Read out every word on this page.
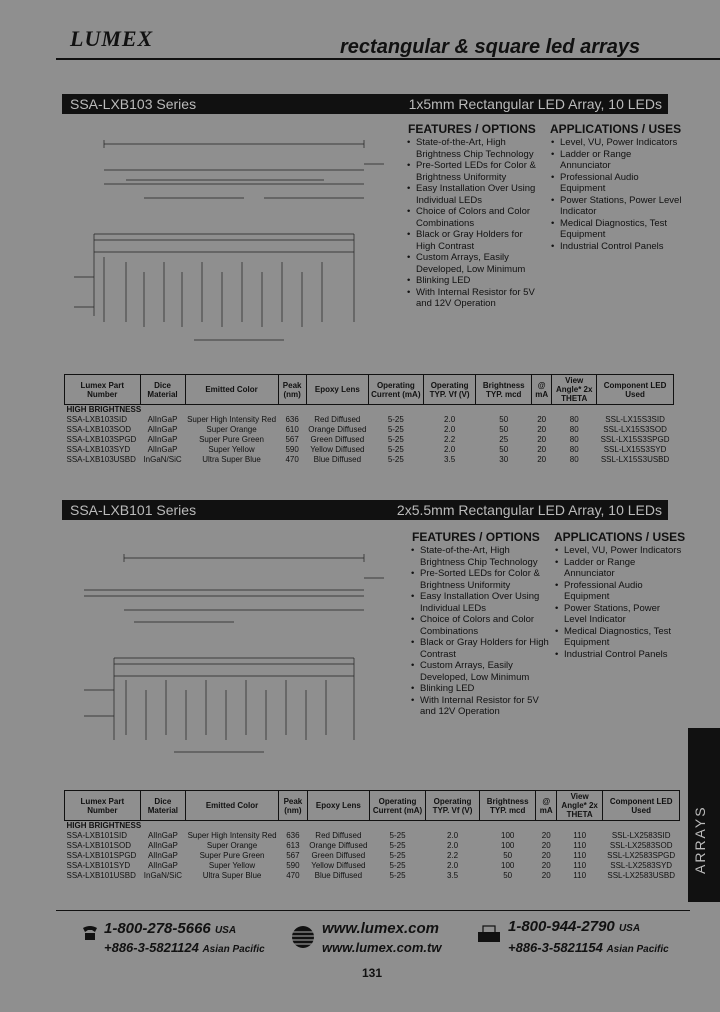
LUMEX	rectangular & square led arrays
SSA-LXB103 Series	1x5mm Rectangular LED Array, 10 LEDs
FEATURES / OPTIONS
• State-of-the-Art, High Brightness Chip Technology
• Pre-Sorted LEDs for Color & Brightness Uniformity
• Easy Installation Over Using Individual LEDs
• Choice of Colors and Color Combinations
• Black or Gray Holders for High Contrast
• Custom Arrays, Easily Developed, Low Minimum
• Blinking LED
• With Internal Resistor for 5V and 12V Operation
APPLICATIONS / USES
• Level, VU, Power Indicators
• Ladder or Range Annunciator
• Professional Audio Equipment
• Power Stations, Power Level Indicator
• Medical Diagnostics, Test Equipment
• Industrial Control Panels
Lumex Part Number	Dice Material	Emitted Color	Peak (nm)	Epoxy Lens	Operating Current (mA)	Operating TYP. Vf (V)	Brightness TYP. mcd	@ mA	View Angle* 2x THETA	Component LED Used
HIGH BRIGHTNESS										
SSA-LXB103SID	AlInGaP	Super High Intensity Red	636	Red Diffused	5-25	2.0	50	20	80	SSL-LX15S3SID
SSA-LXB103SOD	AlInGaP	Super Orange	610	Orange Diffused	5-25	2.0	50	20	80	SSL-LX15S3SOD
SSA-LXB103SPGD	AlInGaP	Super Pure Green	567	Green Diffused	5-25	2.2	25	20	80	SSL-LX15S3SPGD
SSA-LXB103SYD	AlInGaP	Super Yellow	590	Yellow Diffused	5-25	2.0	50	20	80	SSL-LX15S3SYD
SSA-LXB103USBD	InGaN/SiC	Ultra Super Blue	470	Blue Diffused	5-25	3.5	30	20	80	SSL-LX15S3USBD
SSA-LXB101 Series	2x5.5mm Rectangular LED Array, 10 LEDs
FEATURES / OPTIONS
• State-of-the-Art, High Brightness Chip Technology
• Pre-Sorted LEDs for Color & Brightness Uniformity
• Easy Installation Over Using Individual LEDs
• Choice of Colors and Color Combinations
• Black or Gray Holders for High Contrast
• Custom Arrays, Easily Developed, Low Minimum
• Blinking LED
• With Internal Resistor for 5V and 12V Operation
APPLICATIONS / USES
• Level, VU, Power Indicators
• Ladder or Range Annunciator
• Professional Audio Equipment
• Power Stations, Power Level Indicator
• Medical Diagnostics, Test Equipment
• Industrial Control Panels
Lumex Part Number	Dice Material	Emitted Color	Peak (nm)	Epoxy Lens	Operating Current (mA)	Operating TYP. Vf (V)	Brightness TYP. mcd	@ mA	View Angle* 2x THETA	Component LED Used
HIGH BRIGHTNESS										
SSA-LXB101SID	AlInGaP	Super High Intensity Red	636	Red Diffused	5-25	2.0	100	20	110	SSL-LX2583SID
SSA-LXB101SOD	AlInGaP	Super Orange	613	Orange Diffused	5-25	2.0	100	20	110	SSL-LX2583SOD
SSA-LXB101SPGD	AlInGaP	Super Pure Green	567	Green Diffused	5-25	2.2	50	20	110	SSL-LX2583SPGD
SSA-LXB101SYD	AlInGaP	Super Yellow	590	Yellow Diffused	5-25	2.0	100	20	110	SSL-LX2583SYD
SSA-LXB101USBD	InGaN/SiC	Ultra Super Blue	470	Blue Diffused	5-25	3.5	50	20	110	SSL-LX2583USBD
ARRAYS
1-800-278-5666 USA
+886-3-5821124 Asian Pacific
www.lumex.com
www.lumex.com.tw
1-800-944-2790 USA
+886-3-5821154 Asian Pacific
131
